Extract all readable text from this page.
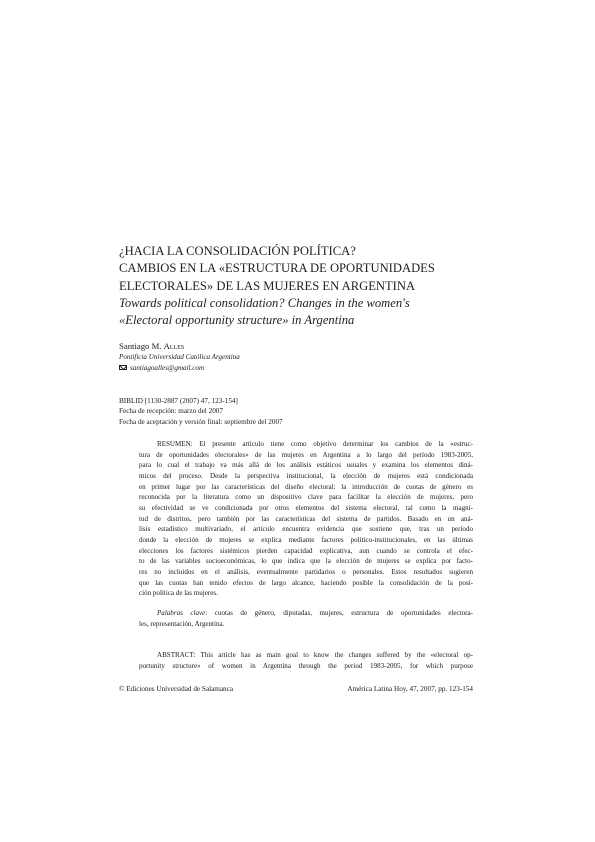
¿HACIA LA CONSOLIDACIÓN POLÍTICA?
CAMBIOS EN LA «ESTRUCTURA DE OPORTUNIDADES
ELECTORALES» DE LAS MUJERES EN ARGENTINA
Towards political consolidation? Changes in the women's
«Electoral opportunity structure» in Argentina
Santiago M. Alles
Pontificia Universidad Católica Argentina
santiagoalles@gmail.com
BIBLID [1130-2887 (2007) 47, 123-154]
Fecha de recepción: marzo del 2007
Fecha de aceptación y versión final: septiembre del 2007

RESUMEN: El presente artículo tiene como objetivo determinar los cambios de la «estruc-

tura de oportunidades electorales» de las mujeres en Argentina a lo largo del período 1983-2005,

para lo cual el trabajo va más allá de los análisis estáticos usuales y examina los elementos diná-

micos del proceso. Desde la perspectiva institucional, la elección de mujeres está condicionada

en primer lugar por las características del diseño electoral: la introducción de cuotas de género es

reconocida por la literatura como un dispositivo clave para facilitar la elección de mujeres, pero

su efectividad se ve condicionada por otros elementos del sistema electoral, tal como la magni-

tud de distritos, pero también por las características del sistema de partidos. Basado en un aná-

lisis estadístico multivariado, el artículo encuentra evidencia que sostiene que, tras un período

donde la elección de mujeres se explica mediante factores político-institucionales, en las últimas

elecciones los factores sistémicos pierden capacidad explicativa, aun cuando se controla el efec-

to de las variables socioeconómicas, lo que indica que la elección de mujeres se explica por facto-

res no incluidos en el análisis, eventualmente partidarios o personales. Estos resultados sugieren

que las cuotas han tenido efectos de largo alcance, haciendo posible la consolidación de la posi-

ción política de las mujeres.

Palabras clave: cuotas de género, diputadas, mujeres, estructura de oportunidades electora-

les, representación, Argentina.

ABSTRACT: This article has as main goal to know the changes suffered by the «electoral op-

portunity structure» of women in Argentina through the period 1983-2005, for which purpose

© Ediciones Universidad de Salamanca	América Latina Hoy, 47, 2007, pp. 123-154
